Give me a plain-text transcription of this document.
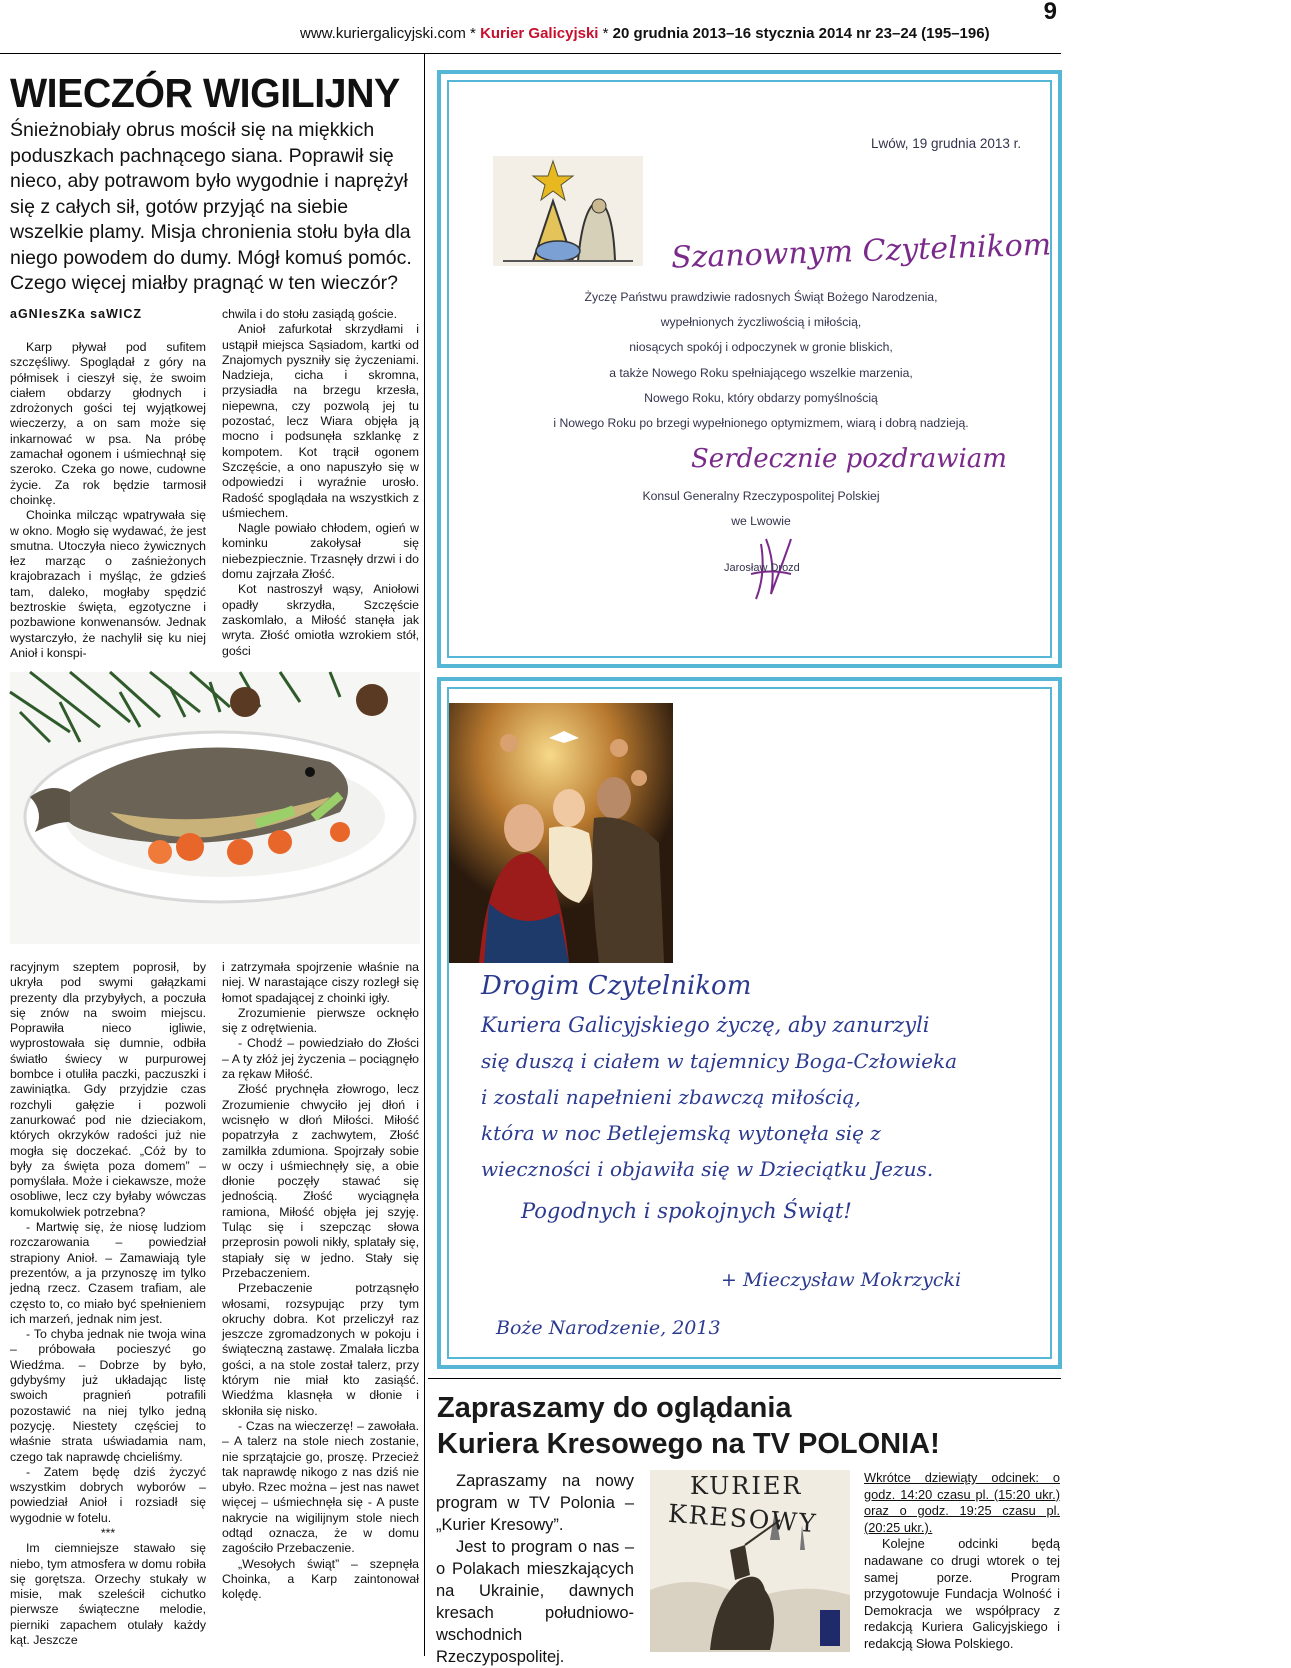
9
www.kuriergalicyjski.com * Kurier Galicyjski * 20 grudnia 2013–16 stycznia 2014 nr 23–24 (195–196)
WIECZÓR WIGILIJNY

Śnieżnobiały obrus mościł się na miękkich poduszkach pachnącego siana. Poprawił się nieco, aby potrawom było wygodnie i naprężył się z całych sił, gotów przyjąć na siebie wszelkie plamy. Misja chronienia stołu była dla niego powodem do dumy. Mógł komuś pomóc. Czego więcej miałby pragnąć w ten wieczór?

aGNIesZKa saWICZ

Karp pływał pod sufitem szczęśliwy. Spoglądał z góry na półmisek i cieszył się, że swoim ciałem obdarzy głodnych i zdrożonych gości tej wyjątkowej wieczerzy, a on sam może się inkarnować w psa. Na próbę zamachał ogonem i uśmiechnął się szeroko. Czeka go nowe, cudowne życie. Za rok będzie tarmosił choinkę.

Choinka milcząc wpatrywała się w okno. Mogło się wydawać, że jest smutna. Utoczyła nieco żywicznych łez marząc o zaśnieżonych krajobrazach i myśląc, że gdzieś tam, daleko, mogłaby spędzić beztroskie święta, egzotyczne i pozbawione konwenansów. Jednak wystarczyło, że nachylił się ku niej Anioł i konspi-

chwila i do stołu zasiądą goście.

Anioł zafurkotał skrzydłami i ustąpił miejsca Sąsiadom, kartki od Znajomych pyszniły się życzeniami. Nadzieja, cicha i skromna, przysiadła na brzegu krzesła, niepewna, czy pozwolą jej tu pozostać, lecz Wiara objęła ją mocno i podsunęła szklankę z kompotem. Kot trącił ogonem Szczęście, a ono napuszyło się w odpowiedzi i wyraźnie urosło. Radość spoglądała na wszystkich z uśmiechem.

Nagle powiało chłodem, ogień w kominku zakołysał się niebezpiecznie. Trzasnęły drzwi i do domu zajrzała Złość.

Kot nastroszył wąsy, Aniołowi opadły skrzydła, Szczęście zaskomlało, a Miłość stanęła jak wryta. Złość omiotła wzrokiem stół, gości

racyjnym szeptem poprosił, by ukryła pod swymi gałązkami prezenty dla przybyłych, a poczuła się znów na swoim miejscu. Poprawiła nieco igliwie, wyprostowała się dumnie, odbiła światło świecy w purpurowej bombce i otuliła paczki, paczuszki i zawiniątka. Gdy przyjdzie czas rozchyli gałęzie i pozwoli zanurkować pod nie dzieciakom, których okrzyków radości już nie mogła się doczekać. „Cóż by to były za święta poza domem” – pomyślała. Może i ciekawsze, może osobliwe, lecz czy byłaby wówczas komukolwiek potrzebna?

- Martwię się, że niosę ludziom rozczarowania – powiedział strapiony Anioł. – Zamawiają tyle prezentów, a ja przynoszę im tylko jedną rzecz. Czasem trafiam, ale często to, co miało być spełnieniem ich marzeń, jednak nim jest.

- To chyba jednak nie twoja wina – próbowała pocieszyć go Wiedźma. – Dobrze by było, gdybyśmy już układając listę swoich pragnień potrafili pozostawić na niej tylko jedną pozycję. Niestety częściej to właśnie strata uświadamia nam, czego tak naprawdę chcieliśmy.

- Zatem będę dziś życzyć wszystkim dobrych wyborów – powiedział Anioł i rozsiadł się wygodnie w fotelu.

***

Im ciemniejsze stawało się niebo, tym atmosfera w domu robiła się gorętsza. Orzechy stukały w misie, mak szeleścił cichutko pierwsze świąteczne melodie, pierniki zapachem otulały każdy kąt. Jeszcze

i zatrzymała spojrzenie właśnie na niej. W narastające ciszy rozległ się łomot spadającej z choinki igły.

Zrozumienie pierwsze ocknęło się z odrętwienia.

- Chodź – powiedziało do Złości – A ty złóż jej życzenia – pociągnęło za rękaw Miłość.

Złość prychnęła złowrogo, lecz Zrozumienie chwyciło jej dłoń i wcisnęło w dłoń Miłości. Miłość popatrzyła z zachwytem, Złość zamilkła zdumiona. Spojrzały sobie w oczy i uśmiechnęły się, a obie dłonie poczęły stawać się jednością. Złość wyciągnęła ramiona, Miłość objęła jej szyję. Tuląc się i szepcząc słowa przeprosin powoli nikły, splatały się, stapiały się w jedno. Stały się Przebaczeniem.

Przebaczenie potrząsnęło włosami, rozsypując przy tym okruchy dobra. Kot przeliczył raz jeszcze zgromadzonych w pokoju i świąteczną zastawę. Zmalała liczba gości, a na stole został talerz, przy którym nie miał kto zasiąść. Wiedźma klasnęła w dłonie i skłoniła się nisko.

- Czas na wieczerzę! – zawołała. – A talerz na stole niech zostanie, nie sprzątajcie go, proszę. Przecież tak naprawdę nikogo z nas dziś nie ubyło. Rzec można – jest nas nawet więcej – uśmiechnęła się - A puste nakrycie na wigilijnym stole niech odtąd oznacza, że w domu zagościło Przebaczenie.

„Wesołych świąt” – szepnęła Choinka, a Karp zaintonował kolędę.

Lwów, 19 grudnia 2013 r.
Szanownym Czytelnikom
Życzę Państwu prawdziwie radosnych Świąt Bożego Narodzenia,
wypełnionych życzliwością i miłością,
niosących spokój i odpoczynek w gronie bliskich,
a także Nowego Roku spełniającego wszelkie marzenia,
Nowego Roku, który obdarzy pomyślnością
i Nowego Roku po brzegi wypełnionego optymizmem, wiarą i dobrą nadzieją.
Serdecznie pozdrawiam
Konsul Generalny Rzeczypospolitej Polskiej
we Lwowie
Jarosław Drozd
Drogim Czytelnikom
Kuriera Galicyjskiego życzę, aby zanurzyli
się duszą i ciałem w tajemnicy Boga-Człowieka
i zostali napełnieni zbawczą miłością,
która w noc Betlejemską wytonęła się z
wieczności i objawiła się w Dzieciątku Jezus.
Pogodnych i spokojnych Świąt!
+ Mieczysław Mokrzycki
Boże Narodzenie, 2013
Zapraszamy do oglądania
Kuriera Kresowego na TV POLONIA!

Zapraszamy na nowy program w TV Polonia – „Kurier Kresowy”.

Jest to program o nas – o Polakach mieszkających na Ukrainie, dawnych kresach południowo-wschodnich Rzeczypospolitej.

KURIER
KRESOWY

Wkrótce dziewiąty odcinek: o godz. 14:20 czasu pl. (15:20 ukr.) oraz o godz. 19:25 czasu pl. (20:25 ukr.).

Kolejne odcinki będą nadawane co drugi wtorek o tej samej porze. Program przygotowuje Fundacja Wolność i Demokracja we współpracy z redakcją Kuriera Galicyjskiego i redakcją Słowa Polskiego.
